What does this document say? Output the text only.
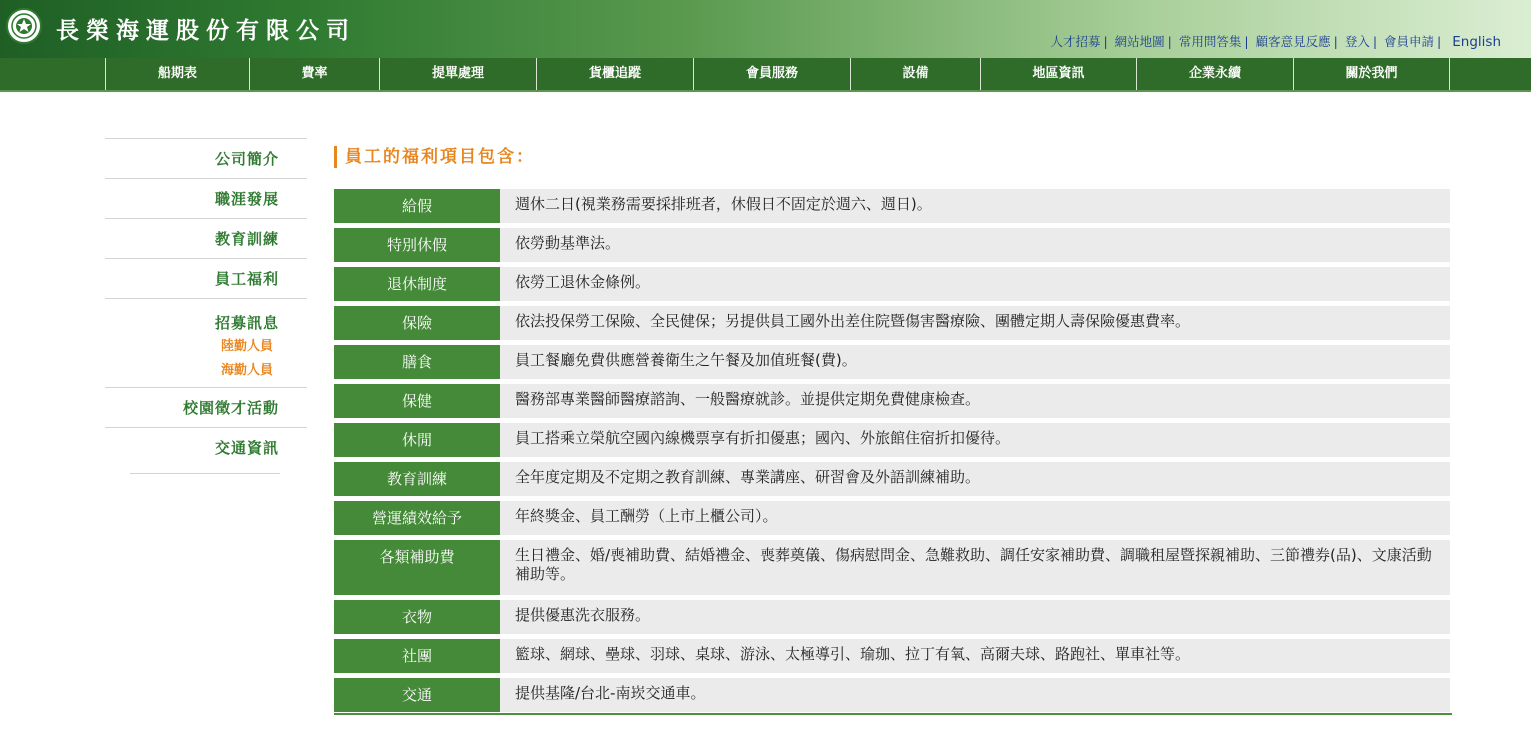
長榮海運股份有限公司	人才招募 | 網站地圖 | 常用問答集 | 顧客意見反應 | 登入 | 會員申請 | English
船期表	費率	提單處理	貨櫃追蹤	會員服務	設備	地區資訊	企業永續	關於我們
公司簡介
職涯發展
教育訓練
員工福利
招募訊息
陸勤人員
海勤人員
校園徵才活動
交通資訊
員工的福利項目包含：
給假	週休二日(視業務需要採排班者，休假日不固定於週六、週日)。
特別休假	依勞動基準法。
退休制度	依勞工退休金條例。
保險	依法投保勞工保險、全民健保；另提供員工國外出差住院暨傷害醫療險、團體定期人壽保險優惠費率。
膳食	員工餐廳免費供應營養衛生之午餐及加值班餐(費)。
保健	醫務部專業醫師醫療諮詢、一般醫療就診。並提供定期免費健康檢查。
休閒	員工搭乘立榮航空國內線機票享有折扣優惠；國內、外旅館住宿折扣優待。
教育訓練	全年度定期及不定期之教育訓練、專業講座、研習會及外語訓練補助。
營運績效給予	年終獎金、員工酬勞（上市上櫃公司）。
各類補助費	生日禮金、婚/喪補助費、結婚禮金、喪葬奠儀、傷病慰問金、急難救助、調任安家補助費、調職租屋暨探親補助、三節禮券(品)、文康活動補助等。
衣物	提供優惠洗衣服務。
社團	籃球、網球、壘球、羽球、桌球、游泳、太極導引、瑜珈、拉丁有氧、高爾夫球、路跑社、單車社等。
交通	提供基隆/台北-南崁交通車。
